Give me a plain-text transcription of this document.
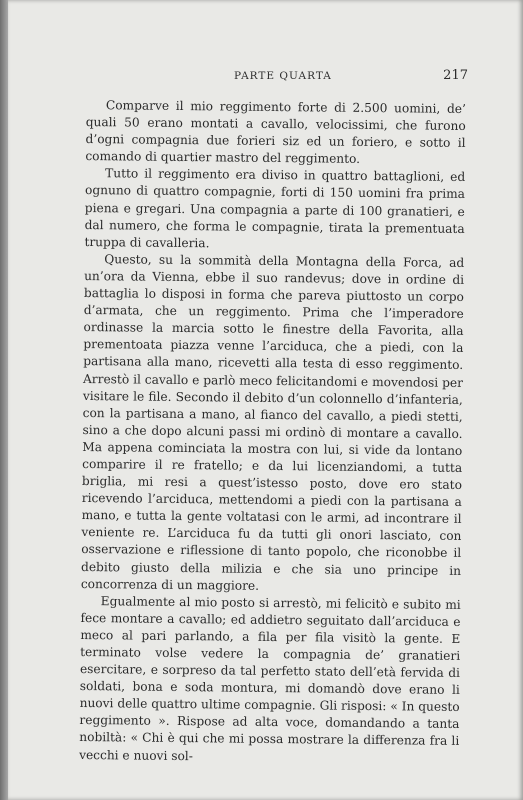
PARTE QUARTA	217

Comparve il mio reggimento forte di 2.500 uomini, de’ quali 50 erano montati a cavallo, velocissimi, che furono d’ogni compagnia due forieri siz ed un foriero, e sotto il comando di quartier mastro del reggimento.

Tutto il reggimento era diviso in quattro battaglioni, ed ognuno di quattro compagnie, forti di 150 uomini fra prima piena e gregari. Una compagnia a parte di 100 granatieri, e dal numero, che forma le compagnie, tirata la prementuata truppa di cavalleria.

Questo, su la sommità della Montagna della Forca, ad un’ora da Vienna, ebbe il suo randevus; dove in ordine di battaglia lo disposi in forma che pareva piuttosto un corpo d’armata, che un reggimento. Prima che l’imperadore ordinasse la marcia sotto le finestre della Favorita, alla prementoata piazza venne l’arciduca, che a piedi, con la partisana alla mano, ricevetti alla testa di esso reggimento. Arrestò il cavallo e parlò meco felicitandomi e movendosi per visitare le file. Secondo il debito d’un colonnello d’infanteria, con la partisana a mano, al fianco del cavallo, a piedi stetti, sino a che dopo alcuni passi mi ordinò di montare a cavallo. Ma appena cominciata la mostra con lui, si vide da lontano comparire il re fratello; e da lui licenziandomi, a tutta briglia, mi resi a quest’istesso posto, dove ero stato ricevendo l’arciduca, mettendomi a piedi con la partisana a mano, e tutta la gente voltatasi con le armi, ad incontrare il veniente re. L’arciduca fu da tutti gli onori lasciato, con osservazione e riflessione di tanto popolo, che riconobbe il debito giusto della milizia e che sia uno principe in concorrenza di un maggiore.

Egualmente al mio posto si arrestò, mi felicitò e subito mi fece montare a cavallo; ed addietro seguitato dall’arciduca e meco al pari parlando, a fila per fila visitò la gente. E terminato volse vedere la compagnia de’ granatieri esercitare, e sorpreso da tal perfetto stato dell’età fervida di soldati, bona e soda montura, mi domandò dove erano li nuovi delle quattro ultime compagnie. Gli risposi: « In questo reggimento ». Rispose ad alta voce, domandando a tanta nobiltà: « Chi è qui che mi possa mostrare la differenza fra li vecchi e nuovi sol-
